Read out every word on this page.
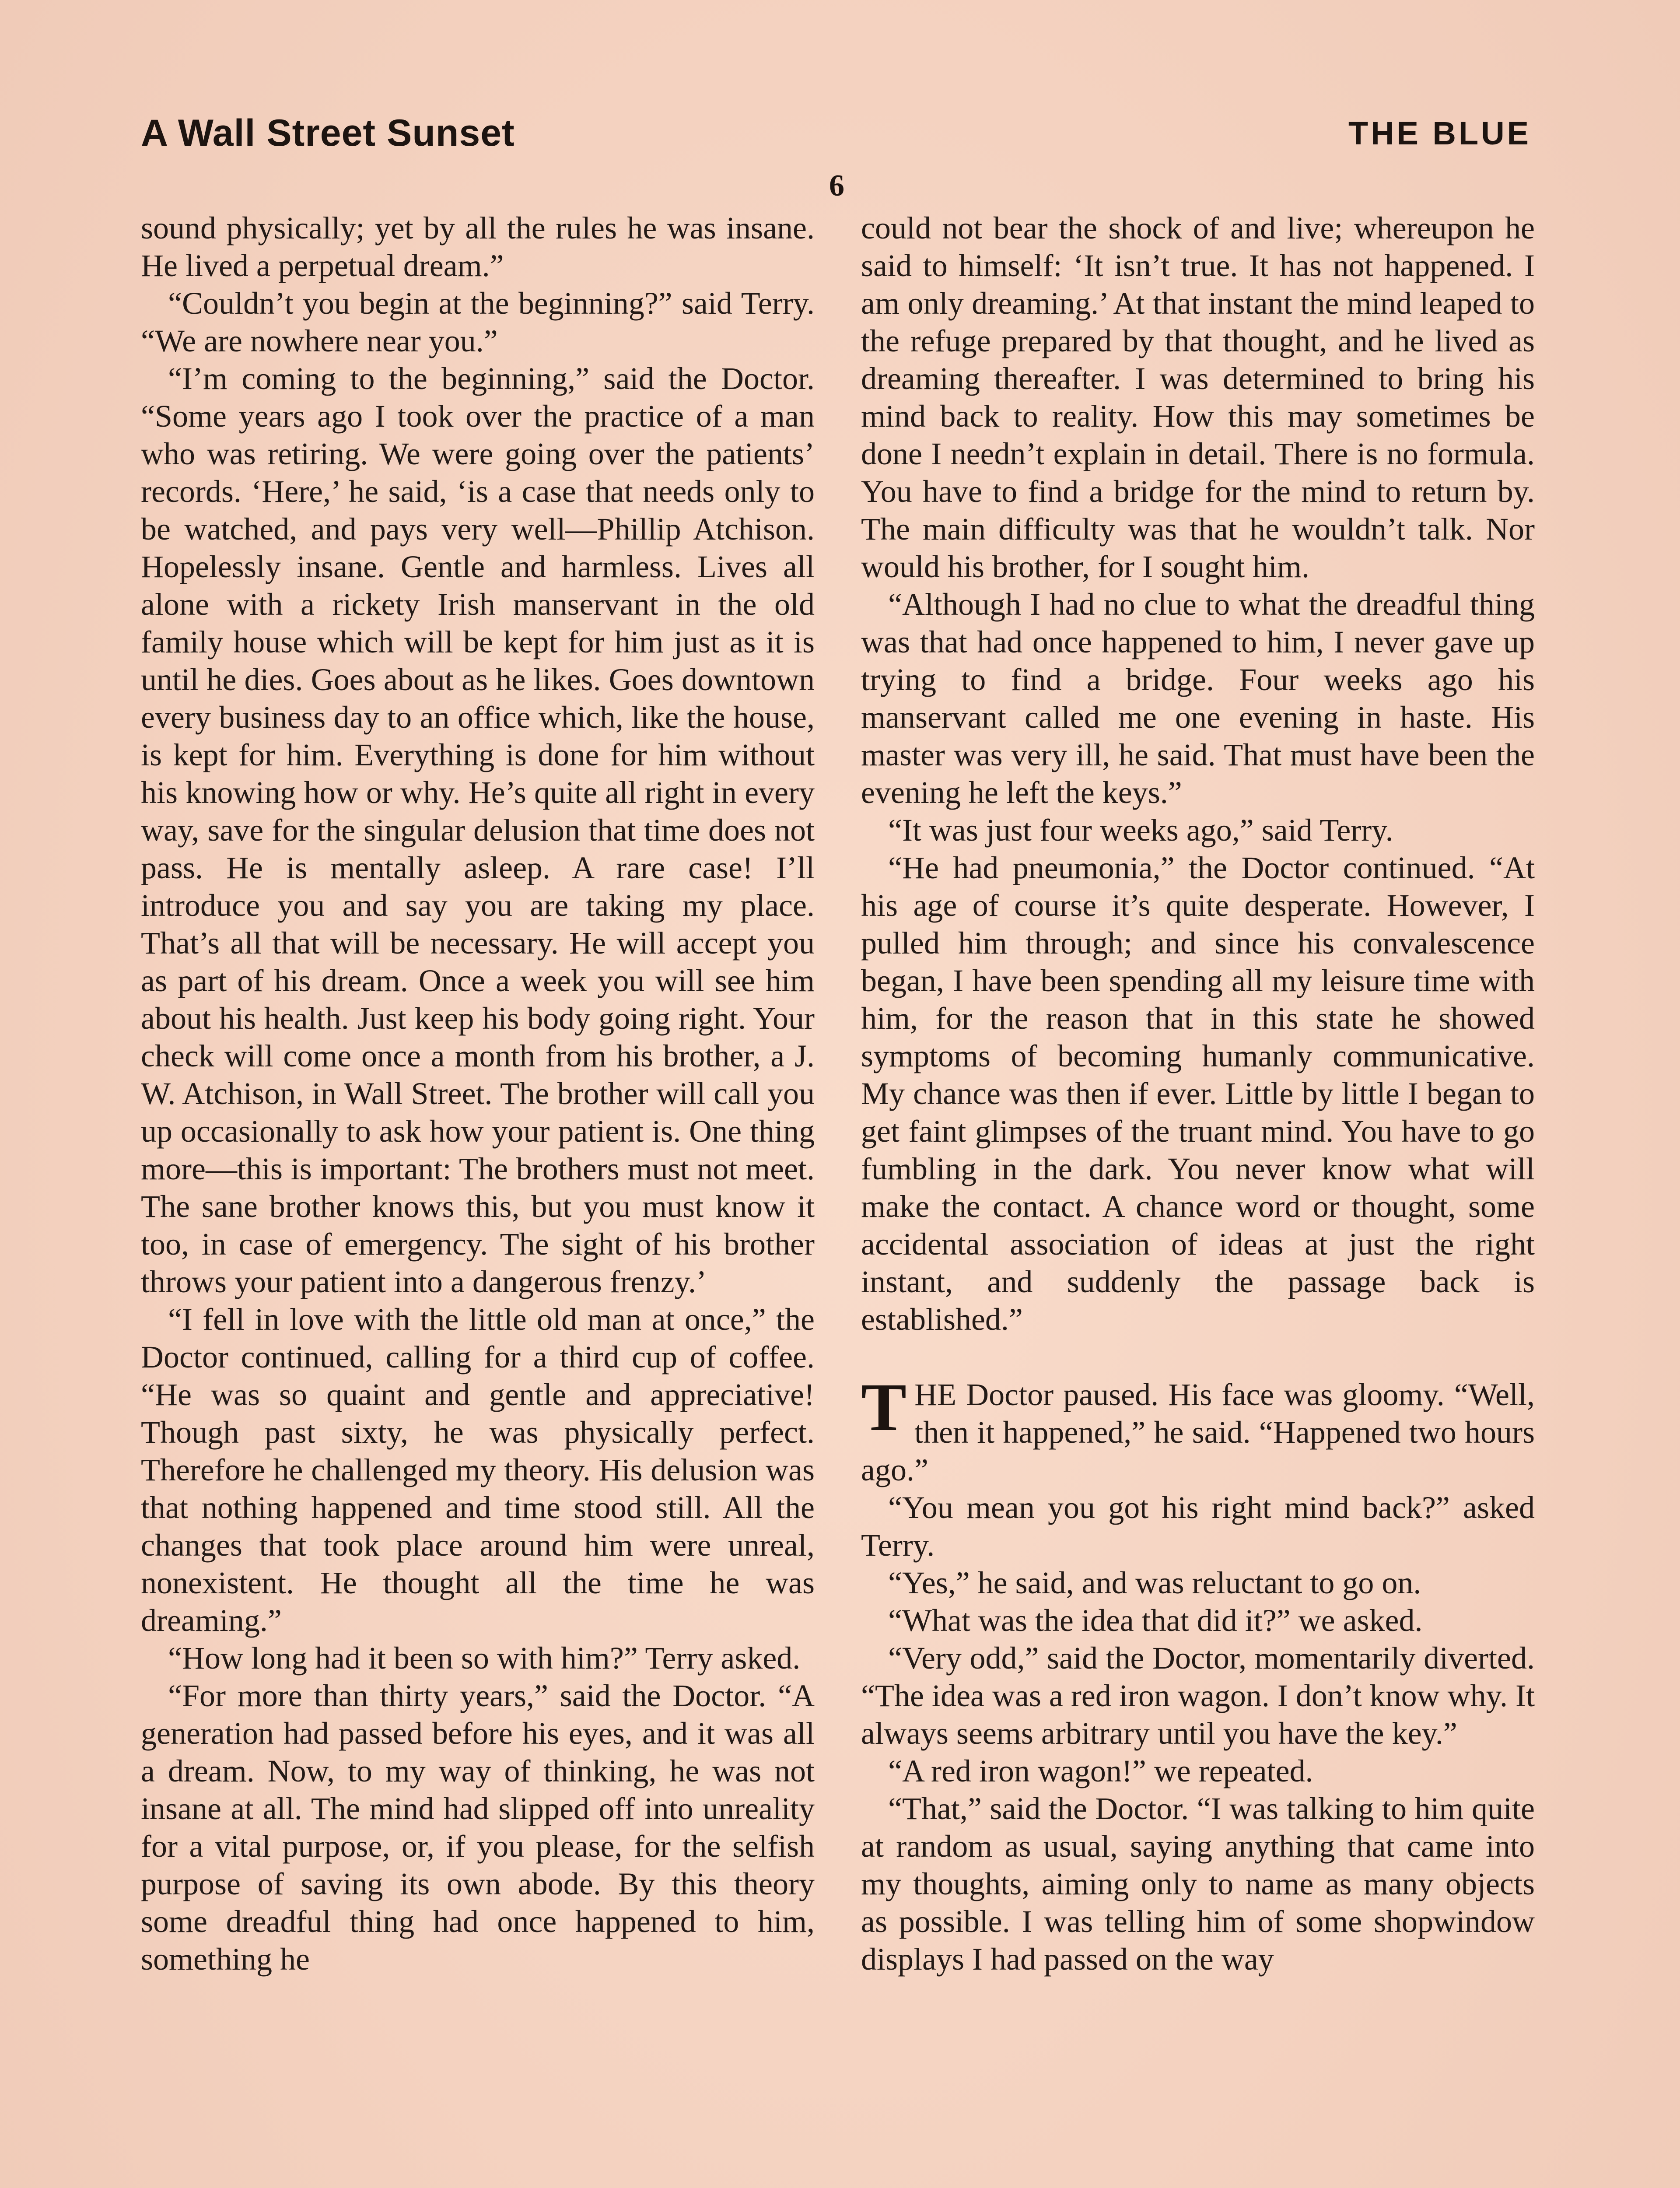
A Wall Street Sunset	THE BLUE
6

sound physically; yet by all the rules he was insane. He lived a perpetual dream.”

“Couldn’t you begin at the beginning?” said Terry. “We are nowhere near you.”

“I’m coming to the beginning,” said the Doctor. “Some years ago I took over the practice of a man who was retiring. We were going over the patients’ records. ‘Here,’ he said, ‘is a case that needs only to be watched, and pays very well—Phillip Atchison. Hopelessly insane. Gentle and harmless. Lives all alone with a rickety Irish manservant in the old family house which will be kept for him just as it is until he dies. Goes about as he likes. Goes downtown every business day to an office which, like the house, is kept for him. Everything is done for him without his knowing how or why. He’s quite all right in every way, save for the singular delusion that time does not pass. He is mentally asleep. A rare case! I’ll introduce you and say you are taking my place. That’s all that will be necessary. He will accept you as part of his dream. Once a week you will see him about his health. Just keep his body going right. Your check will come once a month from his brother, a J. W. Atchison, in Wall Street. The brother will call you up occasionally to ask how your patient is. One thing more—this is important: The brothers must not meet. The sane brother knows this, but you must know it too, in case of emergency. The sight of his brother throws your patient into a dangerous frenzy.’

“I fell in love with the little old man at once,” the Doctor continued, calling for a third cup of coffee. “He was so quaint and gentle and appreciative! Though past sixty, he was physically perfect. Therefore he challenged my theory. His delusion was that nothing happened and time stood still. All the changes that took place around him were unreal, nonexistent. He thought all the time he was dreaming.”

“How long had it been so with him?” Terry asked.

“For more than thirty years,” said the Doctor. “A generation had passed before his eyes, and it was all a dream. Now, to my way of thinking, he was not insane at all. The mind had slipped off into unreality for a vital purpose, or, if you please, for the selfish purpose of saving its own abode. By this theory some dreadful thing had once happened to him, something he

could not bear the shock of and live; whereupon he said to himself: ‘It isn’t true. It has not happened. I am only dreaming.’ At that instant the mind leaped to the refuge prepared by that thought, and he lived as dreaming thereafter. I was determined to bring his mind back to reality. How this may sometimes be done I needn’t explain in detail. There is no formula. You have to find a bridge for the mind to return by. The main difficulty was that he wouldn’t talk. Nor would his brother, for I sought him.

“Although I had no clue to what the dreadful thing was that had once happened to him, I never gave up trying to find a bridge. Four weeks ago his manservant called me one evening in haste. His master was very ill, he said. That must have been the evening he left the keys.”

“It was just four weeks ago,” said Terry.

“He had pneumonia,” the Doctor continued. “At his age of course it’s quite desperate. However, I pulled him through; and since his convalescence began, I have been spending all my leisure time with him, for the reason that in this state he showed symptoms of becoming humanly communicative. My chance was then if ever. Little by little I began to get faint glimpses of the truant mind. You have to go fumbling in the dark. You never know what will make the contact. A chance word or thought, some accidental association of ideas at just the right instant, and suddenly the passage back is established.”

THE Doctor paused. His face was gloomy. “Well, then it happened,” he said. “Happened two hours ago.”

“You mean you got his right mind back?” asked Terry.

“Yes,” he said, and was reluctant to go on.

“What was the idea that did it?” we asked.

“Very odd,” said the Doctor, momentarily diverted. “The idea was a red iron wagon. I don’t know why. It always seems arbitrary until you have the key.”

“A red iron wagon!” we repeated.

“That,” said the Doctor. “I was talking to him quite at random as usual, saying anything that came into my thoughts, aiming only to name as many objects as possible. I was telling him of some shopwindow displays I had passed on the way
